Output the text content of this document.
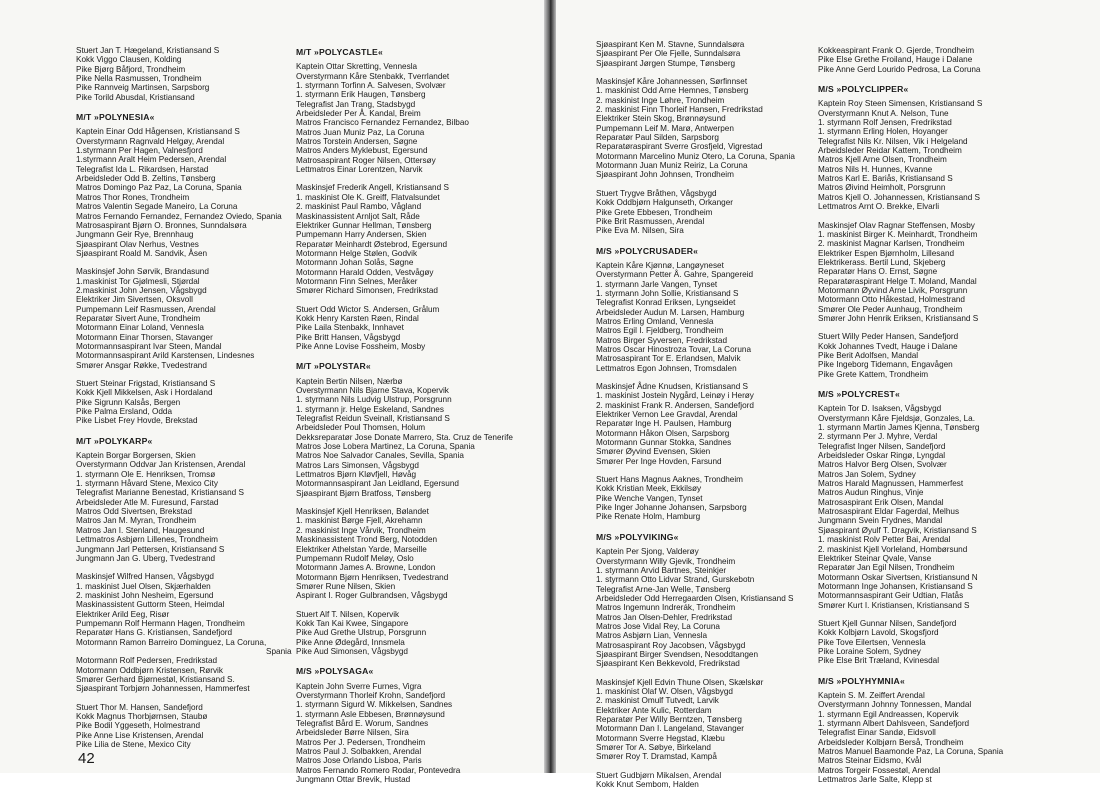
Stuert Jan T. Hægeland, Kristiansand S
Kokk Viggo Clausen, Kolding
Pike Bjørg Båfjord, Trondheim
Pike Nella Rasmussen, Trondheim
Pike Rannveig Martinsen, Sarpsborg
Pike Torild Abusdal, Kristiansand
M/T »POLYNESIA«
Kaptein Einar Odd Hågensen, Kristiansand S
Overstyrmann Ragnvald Helgøy, Arendal
1.styrmann Per Hagen, Valnesfjord
1.styrmann Aralt Heim Pedersen, Arendal
Telegrafist Ida L. Rikardsen, Harstad
Arbeidsleder Odd B. Zeltins, Tønsberg
Matros Domingo Paz Paz, La Coruna, Spania
Matros Thor Rones, Trondheim
Matros Valentin Segade Maneiro, La Coruna
Matros Fernando Fernandez, Fernandez Oviedo, Spania
Matrosaspirant Bjørn O. Bronnes, Sunndalsøra
Jungmann Geir Rye, Brennhaug
Sjøaspirant Olav Nerhus, Vestnes
Sjøaspirant Roald M. Sandvik, Åsen
Maskinsjef John Sørvik, Brandasund
1.maskinist Tor Gjølmesli, Stjørdal
2.maskinist John Jensen, Vågsbygd
Elektriker Jim Sivertsen, Oksvoll
Pumpemann Leif Rasmussen, Arendal
Reparatør Sivert Aune, Trondheim
Motormann Einar Loland, Vennesla
Motormann Einar Thorsen, Stavanger
Motormannsaspirant Ivar Steen, Mandal
Motormannsaspirant Arild Karstensen, Lindesnes
Smører Ansgar Røkke, Tvedestrand
Stuert Steinar Frigstad, Kristiansand S
Kokk Kjell Mikkelsen, Ask i Hordaland
Pike Sigrunn Kalsås, Bergen
Pike Palma Ersland, Odda
Pike Lisbet Frey Hovde, Brekstad
M/T »POLYKARP«
Kaptein Borgar Borgersen, Skien
Overstyrmann Oddvar Jan Kristensen, Arendal
1. styrmann Ole E. Henriksen, Tromsø
1. styrmann Håvard Stene, Mexico City
Telegrafist Marianne Benestad, Kristiansand S
Arbeidsleder Atle M. Furesund, Farstad
Matros Odd Sivertsen, Brekstad
Matros Jan M. Myran, Trondheim
Matros Jan I. Stenland, Haugesund
Lettmatros Asbjørn Lillenes, Trondheim
Jungmann Jarl Pettersen, Kristiansand S
Jungmann Jan G. Uberg, Tvedestrand
Maskinsjef Wilfred Hansen, Vågsbygd
1. maskinist Juel Olsen, Skjærhalden
2. maskinist John Nesheim, Egersund
Maskinassistent Guttorm Steen, Heimdal
Elektriker Arild Eeg, Risør
Pumpemann Rolf Hermann Hagen, Trondheim
Reparatør Hans G. Kristiansen, Sandefjord
Motormann Ramon Barreiro Dominguez, La Coruna,
Spania
Motormann Rolf Pedersen, Fredrikstad
Motormann Oddbjørn Kristensen, Rørvik
Smører Gerhard Bjørnestøl, Kristiansand S.
Sjøaspirant Torbjørn Johannessen, Hammerfest
Stuert Thor M. Hansen, Sandefjord
Kokk Magnus Thorbjørnsen, Staubø
Pike Bodil Yggeseth, Holmestrand
Pike Anne Lise Kristensen, Arendal
Pike Lilia de Stene, Mexico City
M/T »POLYCASTLE«
Kaptein Ottar Skretting, Vennesla
Overstyrmann Kåre Stenbakk, Tverrlandet
1. styrmann Torfinn A. Salvesen, Svolvær
1. styrmann Erik Haugen, Tønsberg
Telegrafist Jan Trang, Stadsbygd
Arbeidsleder Per Å. Kandal, Breim
Matros Francisco Fernandez Fernandez, Bilbao
Matros Juan Muniz Paz, La Coruna
Matros Torstein Andersen, Søgne
Matros Anders Myklebust, Egersund
Matrosaspirant Roger Nilsen, Ottersøy
Lettmatros Einar Lorentzen, Narvik
Maskinsjef Frederik Angell, Kristiansand S
1. maskinist Ole K. Greiff, Flatvalsundet
2. maskinist Paul Rambo, Vågland
Maskinassistent Arnljot Salt, Råde
Elektriker Gunnar Hellman, Tønsberg
Pumpemann Harry Andersen, Skien
Reparatør Meinhardt Østebrod, Egersund
Motormann Helge Stølen, Godvik
Motormann Johan Solås, Søgne
Motormann Harald Odden, Vestvågøy
Motormann Finn Selnes, Meråker
Smører Richard Simonsen, Fredrikstad
Stuert Odd Wictor S. Andersen, Grålum
Kokk Henry Karsten Røen, Rindal
Pike Laila Stenbakk, Innhavet
Pike Britt Hansen, Vågsbygd
Pike Anne Lovise Fossheim, Mosby
M/T »POLYSTAR«
Kaptein Bertin Nilsen, Nærbø
Overstyrmann Nils Bjarne Stava, Kopervik
1. styrmann Nils Ludvig Ulstrup, Porsgrunn
1. styrmann jr. Helge Eskeland, Sandnes
Telegrafist Reidun Sveinall, Kristiansand S
Arbeidsleder Poul Thomsen, Holum
Dekksreparatør Jose Donate Marrero, Sta. Cruz de Tenerife
Matros Jose Lobera Martinez, La Coruna, Spania
Matros Noe Salvador Canales, Sevilla, Spania
Matros Lars Simonsen, Vågsbygd
Lettmatros Bjørn Kløvfjell, Høvåg
Motormannsaspirant Jan Leidland, Egersund
Sjøaspirant Bjørn Bratfoss, Tønsberg
Maskinsjef Kjell Henriksen, Bølandet
1. maskinist Børge Fjell, Akrehamn
2. maskinist Inge Vårvik, Trondheim
Maskinassistent Trond Berg, Notodden
Elektriker Athelstan Yarde, Marseille
Pumpemann Rudolf Meløy, Oslo
Motormann James A. Browne, London
Motormann Bjørn Henriksen, Tvedestrand
Smører Rune Nilsen, Skien
Aspirant I. Roger Gulbrandsen, Vågsbygd
Stuert Alf T. Nilsen, Kopervik
Kokk Tan Kai Kwee, Singapore
Pike Aud Grethe Ulstrup, Porsgrunn
Pike Anne Ødegård, Innsmela
Pike Aud Simonsen, Vågsbygd
M/S »POLYSAGA«
Kaptein John Sverre Furnes, Vigra
Overstyrmann Thorleif Krohn, Sandefjord
1. styrmann Sigurd W. Mikkelsen, Sandnes
1. styrmann Asle Ebbesen, Brønnøysund
Telegrafist Bård E. Worum, Sandnes
Arbeidsleder Børre Nilsen, Sira
Matros Per J. Pedersen, Trondheim
Matros Paul J. Solbakken, Arendal
Matros Jose Orlando Lisboa, Paris
Matros Fernando Romero Rodar, Pontevedra
Jungmann Ottar Brevik, Hustad
Sjøaspirant Ken M. Stavne, Sunndalsøra
Sjøaspirant Per Ole Fjelle, Sunndalsøra
Sjøaspirant Jørgen Stumpe, Tønsberg
Maskinsjef Kåre Johannessen, Sørfinnset
1. maskinist Odd Arne Hemnes, Tønsberg
2. maskinist Inge Løhre, Trondheim
2. maskinist Finn Thorleif Hansen, Fredrikstad
Elektriker Stein Skog, Brønnøysund
Pumpemann Leif M. Marø, Antwerpen
Reparatør Paul Silden, Sarpsborg
Reparatøraspirant Sverre Grosfjeld, Vigrestad
Motormann Marcelino Muniz Otero, La Coruna, Spania
Motormann Juan Muniz Reiriz, La Coruna
Sjøaspirant John Johnsen, Trondheim
Stuert Trygve Bråthen, Vågsbygd
Kokk Oddbjørn Halgunseth, Orkanger
Pike Grete Ebbesen, Trondheim
Pike Brit Rasmussen, Arendal
Pike Eva M. Nilsen, Sira
M/S »POLYCRUSADER«
Kaptein Kåre Kjønnø, Langøyneset
Overstyrmann Petter Å. Gahre, Spangereid
1. styrmann Jarle Vangen, Tynset
1. styrmann John Sollie, Kristiansand S
Telegrafist Konrad Eriksen, Lyngseidet
Arbeidsleder Audun M. Larsen, Hamburg
Matros Erling Omland, Vennesla
Matros Egil I. Fjeldberg, Trondheim
Matros Birger Syversen, Fredrikstad
Matros Oscar Hinostroza Tovar, La Coruna
Matrosaspirant Tor E. Erlandsen, Malvik
Lettmatros Egon Johnsen, Tromsdalen
Maskinsjef Ådne Knudsen, Kristiansand S
1. maskinist Jostein Nygård, Leinøy i Herøy
2. maskinist Frank R. Andersen, Sandefjord
Elektriker Vernon Lee Gravdal, Arendal
Reparatør Inge H. Paulsen, Hamburg
Motormann Håkon Olsen, Sarpsborg
Motormann Gunnar Stokka, Sandnes
Smører Øyvind Evensen, Skien
Smører Per Inge Hovden, Farsund
Stuert Hans Magnus Aaknes, Trondheim
Kokk Kristian Meek, Ekkilsøy
Pike Wenche Vangen, Tynset
Pike Inger Johanne Johansen, Sarpsborg
Pike Renate Holm, Hamburg
M/S »POLYVIKING«
Kaptein Per Sjong, Valderøy
Overstyrmann Willy Gjevik, Trondheim
1. styrmann Arvid Bartnes, Steinkjer
1. styrmann Otto Lidvar Strand, Gurskebotn
Telegrafist Arne-Jan Welle, Tønsberg
Arbeidsleder Odd Herregaarden Olsen, Kristiansand S
Matros Ingemunn Indrerák, Trondheim
Matros Jan Olsen-Dehler, Fredrikstad
Matros Jose Vidal Rey, La Coruna
Matros Asbjørn Lian, Vennesla
Matrosaspirant Roy Jacobsen, Vågsbygd
Sjøaspirant Birger Svendsen, Nesoddtangen
Sjøaspirant Ken Bekkevold, Fredrikstad
Maskinsjef Kjell Edvin Thune Olsen, Skælskør
1. maskinist Olaf W. Olsen, Vågsbygd
2. maskinist Omulf Tutvedt, Larvik
Elektriker Ante Kulic, Rotterdam
Reparatør Per Willy Berntzen, Tønsberg
Motormann Dan I. Langeland, Stavanger
Motormann Sverre Hegstad, Klæbu
Smører Tor A. Søbye, Birkeland
Smører Roy T. Dramstad, Kampå
Stuert Gudbjørn Mikalsen, Arendal
Kokk Knut Sembom, Halden
Kokkeaspirant Frank O. Gjerde, Trondheim
Pike Else Grethe Froiland, Hauge i Dalane
Pike Anne Gerd Lourido Pedrosa, La Coruna
M/S »POLYCLIPPER«
Kaptein Roy Steen Simensen, Kristiansand S
Overstyrmann Knut A. Nelson, Tune
1. styrmann Rolf Jensen, Fredrikstad
1. styrmann Erling Holen, Hoyanger
Telegrafist Nils Kr. Nilsen, Vik i Helgeland
Arbeidsleder Reidar Kattem, Trondheim
Matros Kjell Arne Olsen, Trondheim
Matros Nils H. Hunnes, Kvanne
Matros Karl E. Bariås, Kristiansand S
Matros Øivind Heimholt, Porsgrunn
Matros Kjell O. Johannessen, Kristiansand S
Lettmatros Arnt O. Brekke, Elvarli
Maskinsjef Olav Ragnar Steffensen, Mosby
1. maskinist Birger K. Meinhardt, Trondheim
2. maskinist Magnar Karlsen, Trondheim
Elektriker Espen Bjørnholm, Lillesand
Elektrikerass. Bertil Lund, Skjeberg
Reparatør Hans O. Ernst, Søgne
Reparatøraspirant Helge T. Moland, Mandal
Motormann Øyvind Arne Livik, Porsgrunn
Motormann Otto Håkestad, Holmestrand
Smører Ole Peder Aunhaug, Trondheim
Smører John Henrik Eriksen, Kristiansand S
Stuert Willy Peder Hansen, Sandefjord
Kokk Johannes Tvedt, Hauge i Dalane
Pike Berit Adolfsen, Mandal
Pike Ingeborg Tidemann, Engavågen
Pike Grete Kattem, Trondheim
M/S »POLYCREST«
Kaptein Tor D. Isaksen, Vågsbygd
Overstyrmann Kåre Fjeldsjø, Gonzales, La.
1. styrmann Martin James Kjenna, Tønsberg
2. styrmann Per J. Myhre, Verdal
Telegrafist Inger Nilsen, Sandefjord
Arbeidsleder Oskar Ringø, Lyngdal
Matros Halvor Berg Olsen, Svolvær
Matros Jan Solem, Sydney
Matros Harald Magnussen, Hammerfest
Matros Audun Ringhus, Vinje
Matrosaspirant Erik Olsen, Mandal
Matrosaspirant Eldar Fagerdal, Melhus
Jungmann Svein Frydnes, Mandal
Sjøaspirant Øyulf T. Dragvik, Kristiansand S
1. maskinist Rolv Petter Bai, Arendal
2. maskinist Kjell Vorleland, Hombørsund
Elektriker Steinar Qvale, Vanse
Reparatør Jan Egil Nilsen, Trondheim
Motormann Oskar Sivertsen, Kristiansund N
Motormann Inge Johansen, Kristiansand S
Motormannsaspirant Geir Udtian, Flatås
Smører Kurt I. Kristiansen, Kristiansand S
Stuert Kjell Gunnar Nilsen, Sandefjord
Kokk Kolbjørn Lavold, Skogsfjord
Pike Tove Eilertsen, Vennesla
Pike Loraine Solem, Sydney
Pike Else Brit Træland, Kvinesdal
M/S »POLYHYMNIA«
Kaptein S. M. Zeiffert Arendal
Overstyrmann Johnny Tonnessen, Mandal
1. styrmann Egil Andreassen, Kopervik
1. styrmann Albert Dahlsveen, Sandefjord
Telegrafist Einar Sandø, Eidsvoll
Arbeidsleder Kolbjørn Berså, Trondheim
Matros Manuel Baamonde Paz, La Coruna, Spania
Matros Steinar Eidsmo, Kvål
Matros Torgeir Fossestøl, Arendal
Lettmatros Jarle Salte, Klepp st
42
